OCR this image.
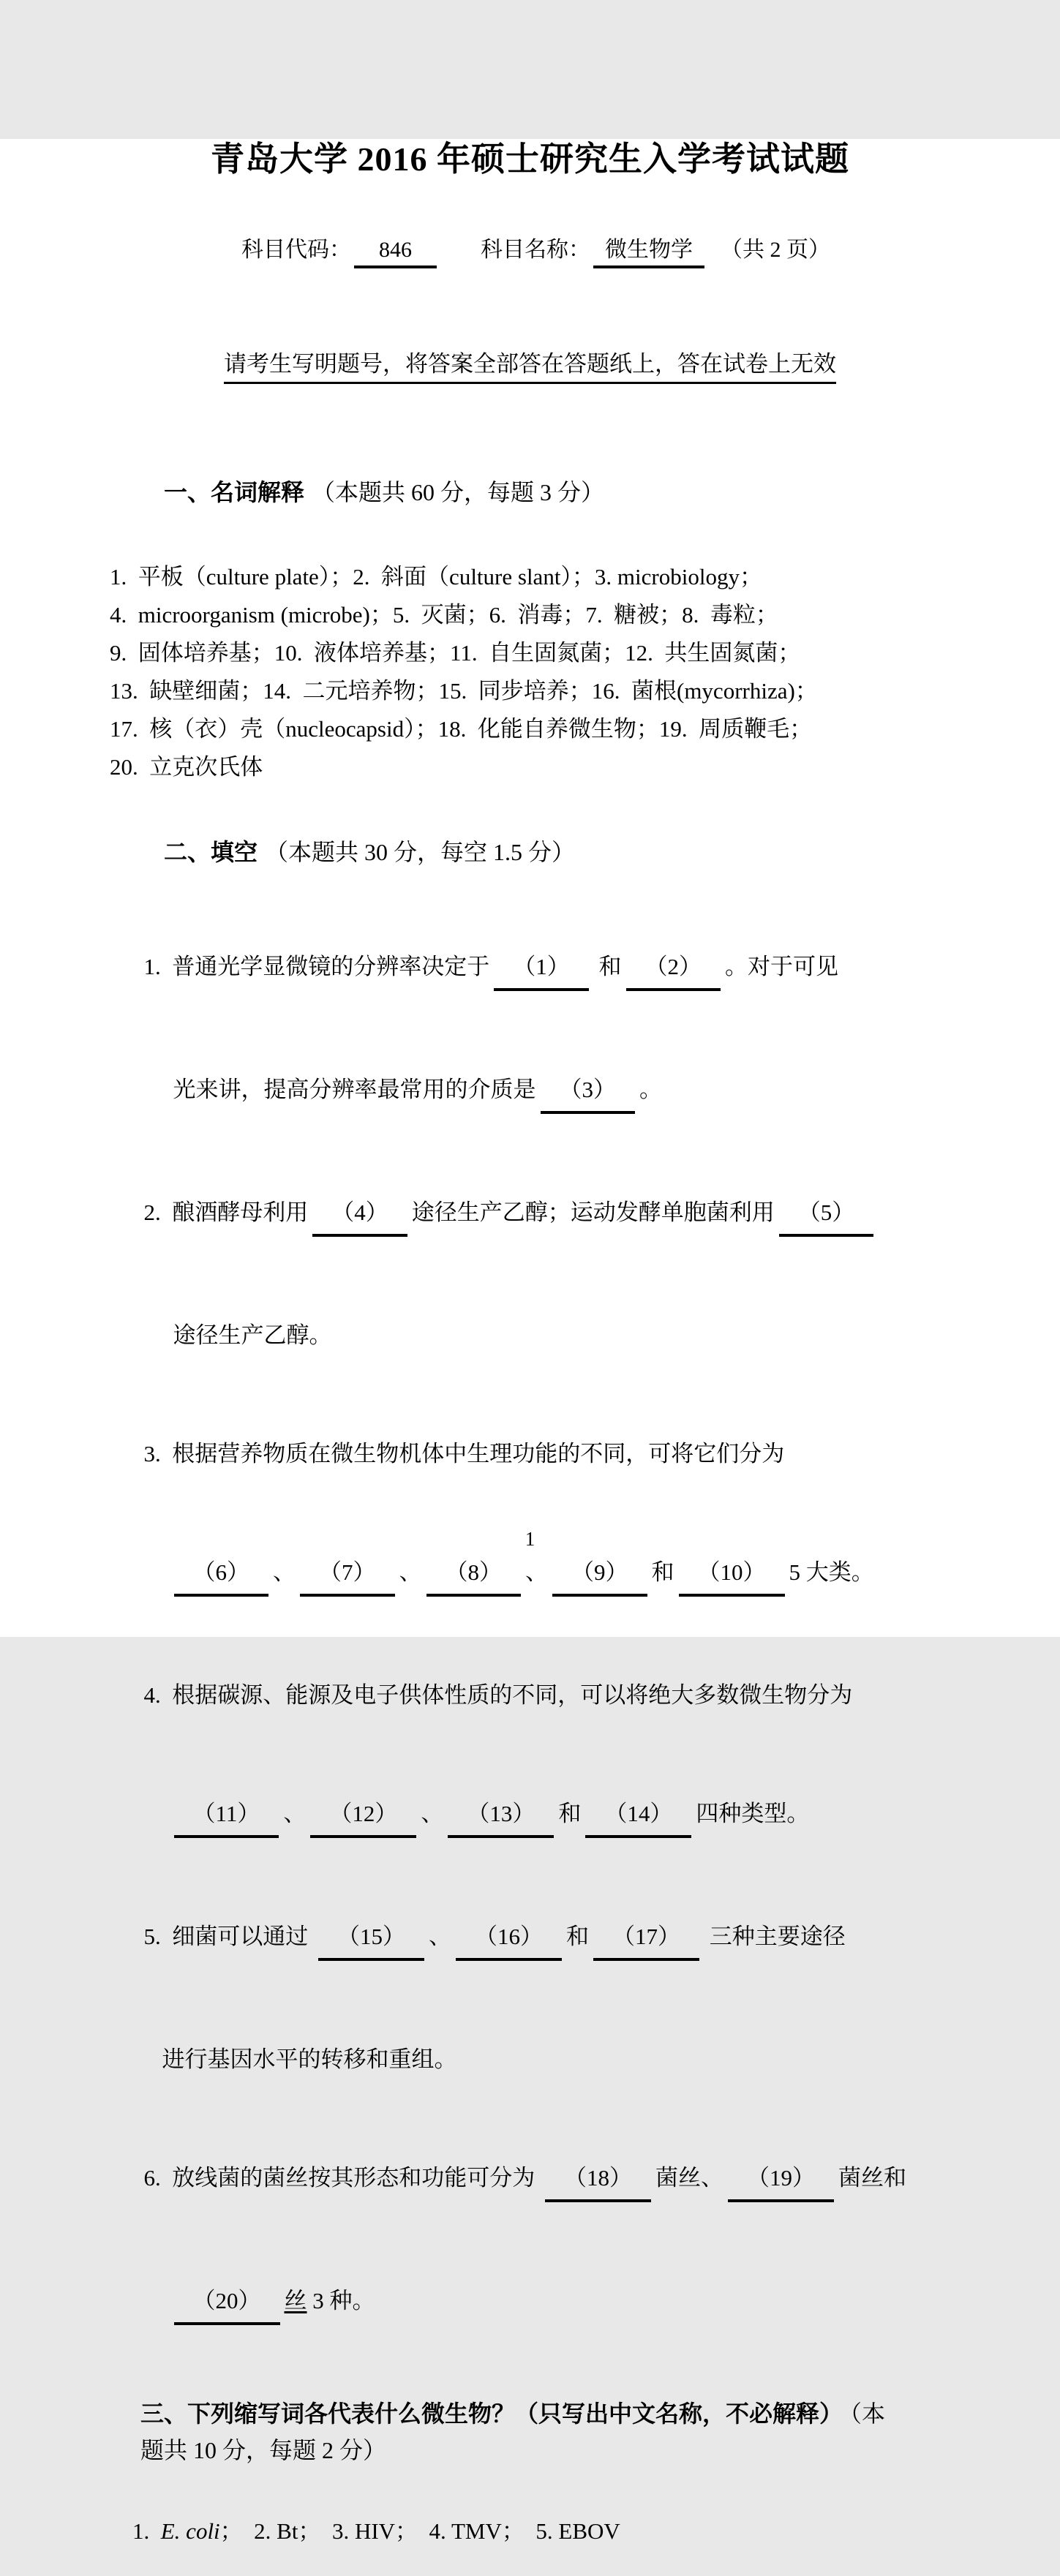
青岛大学 2016 年硕士研究生入学考试试题

科目代码： 846	科目名称： 微生物学 （共 2 页）

请考生写明题号，将答案全部答在答题纸上，答在试卷上无效

一、名词解释 （本题共 60 分，每题 3 分）

1.  平板（culture plate）；2.  斜面（culture slant）；3. microbiology；
4.  microorganism (microbe)；5.  灭菌；6.  消毒；7.  糖被；8.  毒粒；
9.  固体培养基；10.  液体培养基；11.  自生固氮菌；12.  共生固氮菌；
13.  缺壁细菌；14.  二元培养物；15.  同步培养；16.  菌根(mycorrhiza)；
17.  核（衣）壳（nucleocapsid）；18.  化能自养微生物；19.  周质鞭毛；
20.  立克次氏体

二、填空 （本题共 30 分，每空 1.5 分）

1.  普通光学显微镜的分辨率决定于 （1） 和 （2） 。对于可见

光来讲，提高分辨率最常用的介质是 （3） 。

2.  酿酒酵母利用 （4） 途径生产乙醇；运动发酵单胞菌利用 （5）

途径生产乙醇。

3.  根据营养物质在微生物机体中生理功能的不同，可将它们分为

（6） 、 （7） 、 （8） 、 （9） 和 （10） 5 大类。

4.  根据碳源、能源及电子供体性质的不同，可以将绝大多数微生物分为

（11） 、 （12） 、 （13） 和 （14） 四种类型。

5.  细菌可以通过 （15） 、 （16） 和 （17） 三种主要途径

进行基因水平的转移和重组。

6.  放线菌的菌丝按其形态和功能可分为 （18） 菌丝、 （19） 菌丝和

（20） 丝 3 种。

三、下列缩写词各代表什么微生物？（只写出中文名称，不必解释） （本
题共 10 分，每题 2 分）

1.  E. coli；  2. Bt；  3. HIV；  4. TMV；  5. EBOV

1
